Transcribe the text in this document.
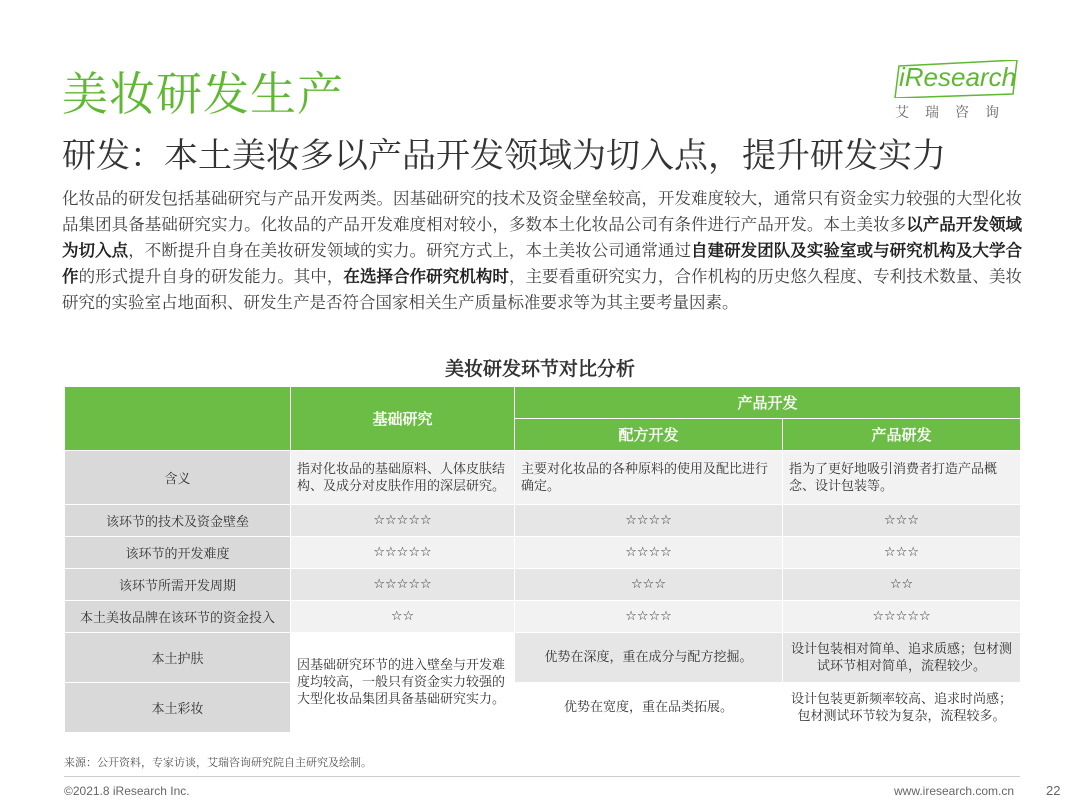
美妆研发生产	iResearch
艾瑞咨询
研发：本土美妆多以产品开发领域为切入点，提升研发实力
化妆品的研发包括基础研究与产品开发两类。因基础研究的技术及资金壁垒较高，开发难度较大，通常只有资金实力较强的大型化妆品集团具备基础研究实力。化妆品的产品开发难度相对较小，多数本土化妆品公司有条件进行产品开发。本土美妆多以产品开发领域为切入点，不断提升自身在美妆研发领域的实力。研究方式上，本土美妆公司通常通过自建研发团队及实验室或与研究机构及大学合作的形式提升自身的研发能力。其中，在选择合作研究机构时，主要看重研究实力，合作机构的历史悠久程度、专利技术数量、美妆研究的实验室占地面积、研发生产是否符合国家相关生产质量标准要求等为其主要考量因素。
美妆研发环节对比分析
	基础研究	产品开发	
		配方开发	产品研发
含义	指对化妆品的基础原料、人体皮肤结构、及成分对皮肤作用的深层研究。	主要对化妆品的各种原料的使用及配比进行确定。	指为了更好地吸引消费者打造产品概念、设计包装等。
该环节的技术及资金壁垒	☆☆☆☆☆	☆☆☆☆	☆☆☆
该环节的开发难度	☆☆☆☆☆	☆☆☆☆	☆☆☆
该环节所需开发周期	☆☆☆☆☆	☆☆☆	☆☆
本土美妆品牌在该环节的资金投入	☆☆	☆☆☆☆	☆☆☆☆☆
本土护肤	因基础研究环节的进入壁垒与开发难度均较高，一般只有资金实力较强的大型化妆品集团具备基础研究实力。	优势在深度，重在成分与配方挖掘。	设计包装相对简单、追求质感；包材测试环节相对简单，流程较少。
本土彩妆		优势在宽度，重在品类拓展。	设计包装更新频率较高、追求时尚感；包材测试环节较为复杂，流程较多。
来源：公开资料，专家访谈，艾瑞咨询研究院自主研究及绘制。
©2021.8 iResearch Inc.	www.iresearch.com.cn 22
